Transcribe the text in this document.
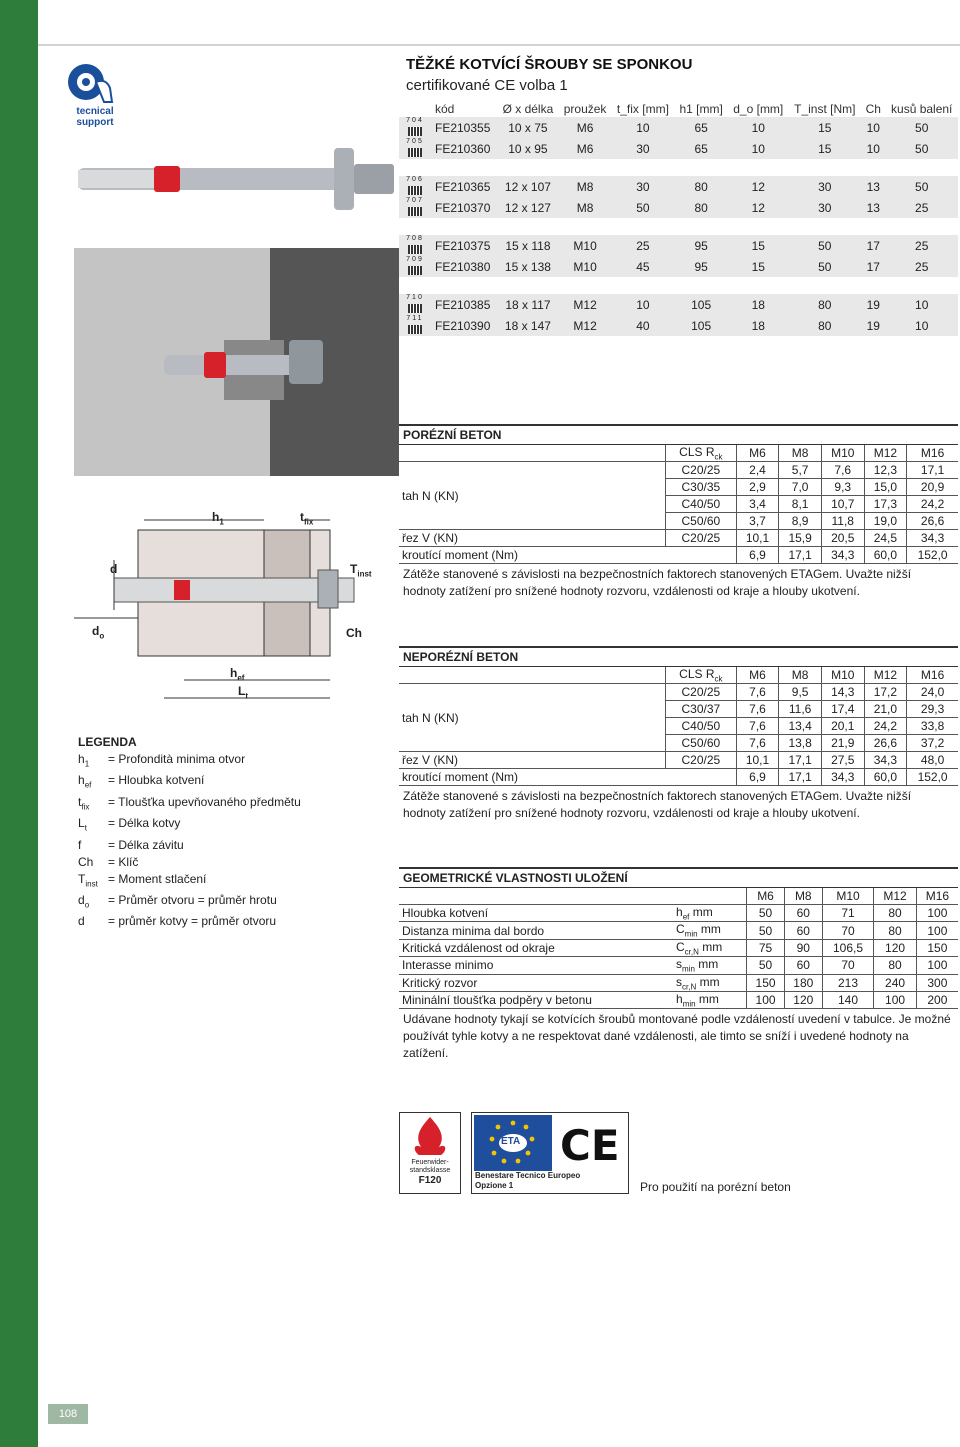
tecnical
support
TĚŽKÉ KOTVÍCÍ ŠROUBY SE SPONKOU
certifikované CE volba 1
$h_1$	$t_{fix}$
d	$T_{inst}$
$d_o$	Ch
$h_{ef}$
$L_t$
	kód	Ø x délka	proužek	t_fix [mm]	h1 [mm]	d_o [mm]	T_inst [Nm]	Ch	kusů balení

704	FE210355	10 x 75	M6	10	65	10	15	10	50

705	FE210360	10 x 95	M6	30	65	10	15	10	50

706	FE210365	12 x 107	M8	30	80	12	30	13	50

707	FE210370	12 x 127	M8	50	80	12	30	13	25

708	FE210375	15 x 118	M10	25	95	15	50	17	25

709	FE210380	15 x 138	M10	45	95	15	50	17	25

710	FE210385	18 x 117	M12	10	105	18	80	19	10

711	FE210390	18 x 147	M12	40	105	18	80	19	10
PORÉZNÍ BETON
	CLS $R_{ck}$	M6	M8	M10	M12	M16
tah N (KN)	C20/25	2,4	5,7	7,6	12,3	17,1
	C30/35	2,9	7,0	9,3	15,0	20,9
	C40/50	3,4	8,1	10,7	17,3	24,2
	C50/60	3,7	8,9	11,8	19,0	26,6
řez V (KN)	C20/25	10,1	15,9	20,5	24,5	34,3
kroutící moment (Nm)		6,9	17,1	34,3	60,0	152,0
Zátěže stanovené s závislosti na bezpečnostních faktorech stanovených ETAGem. Uvažte nižší hodnoty zatížení pro snížené hodnoty rozvoru, vzdálenosti od kraje a hlouby ukotvení.
NEPORÉZNÍ BETON
	CLS $R_{ck}$	M6	M8	M10	M12	M16
tah N (KN)	C20/25	7,6	9,5	14,3	17,2	24,0
	C30/37	7,6	11,6	17,4	21,0	29,3
	C40/50	7,6	13,4	20,1	24,2	33,8
	C50/60	7,6	13,8	21,9	26,6	37,2
řez V (KN)	C20/25	10,1	17,1	27,5	34,3	48,0
kroutící moment (Nm)		6,9	17,1	34,3	60,0	152,0
Zátěže stanovené s závislosti na bezpečnostních faktorech stanovených ETAGem. Uvažte nižší hodnoty zatížení pro snížené hodnoty rozvoru, vzdálenosti od kraje a hlouby ukotvení.
GEOMETRICKÉ VLASTNOSTI ULOŽENÍ
		M6	M8	M10	M12	M16
Hloubka kotvení	$h_{ef}$ mm	50	60	71	80	100
Distanza minima dal bordo	$C_{min}$ mm	50	60	70	80	100
Kritická vzdálenost od okraje	$C_{cr,N}$ mm	75	90	106,5	120	150
Interasse minimo	$s_{min}$ mm	50	60	70	80	100
Kritický rozvor	$s_{cr,N}$ mm	150	180	213	240	300
Mininální tloušťka podpěry v betonu	$h_{min}$ mm	100	120	140	100	200
Udávane hodnoty tykají se kotvících šroubů montované podle vzdáleností uvedení v tabulce. Je možné používát tyhle kotvy a ne respektovat dané vzdálenosti, ale timto se sníží i uvedené hodnoty na zatížení.
LEGENDA
$h_1$ = Profondità minima otvor
$h_{ef}$ = Hloubka kotvení
$t_{fix}$ = Tloušťka upevňovaného předmětu
$L_t$ = Délka kotvy
f = Délka závitu
Ch = Klíč
$T_{inst}$ = Moment stlačení
$d_o$ = Průměr otvoru = průměr hrotu
d = průměr kotvy = průměr otvoru
Feuerwider-
standsklasse
F120
ETA CE
Benestare Tecnico Europeo
Opzione 1	Pro použití na porézní beton
108
